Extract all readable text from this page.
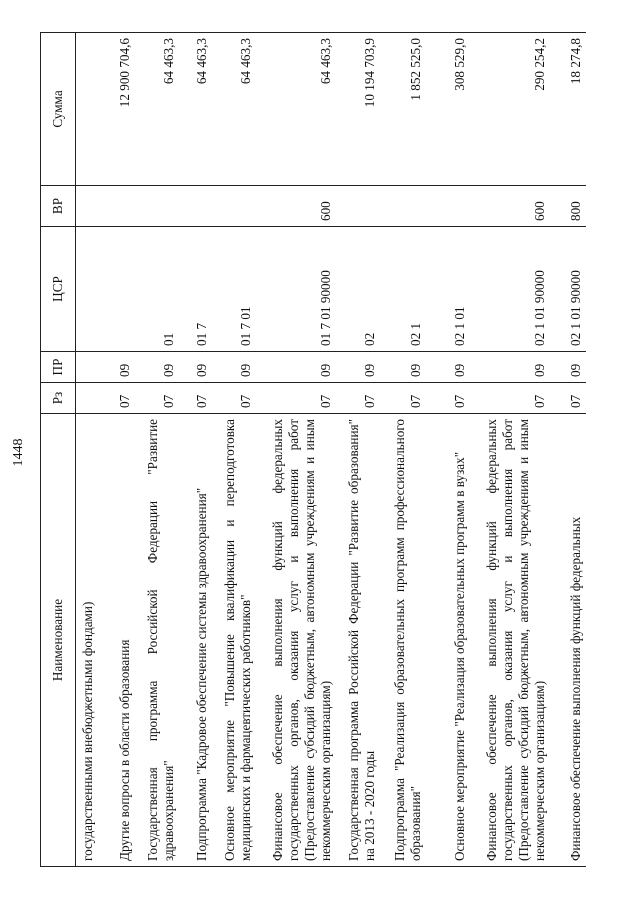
1448
Наименование	Рз	ПР	ЦСР	ВР	Сумма
государственными внебюджетными фондами)					
Другие вопросы в области образования	07	09			12 900 704,6
Государственная программа Российской Федерации "Развитие здравоохранения"	07	09	01		64 463,3
Подпрограмма "Кадровое обеспечение системы здравоохранения"	07	09	01 7		64 463,3
Основное мероприятие "Повышение квалификации и переподготовка медицинских и фармацевтических работников"	07	09	01 7 01		64 463,3
Финансовое обеспечение выполнения функций федеральных государственных органов, оказания услуг и выполнения работ (Предоставление субсидий бюджетным, автономным учреждениям и иным некоммерческим организациям)	07	09	01 7 01 90000	600	64 463,3
Государственная программа Российской Федерации "Развитие образования" на 2013 - 2020 годы	07	09	02		10 194 703,9
Подпрограмма "Реализация образовательных программ профессионального образования"	07	09	02 1		1 852 525,0
Основное мероприятие "Реализация образовательных программ в вузах"	07	09	02 1 01		308 529,0
Финансовое обеспечение выполнения функций федеральных государственных органов, оказания услуг и выполнения работ (Предоставление субсидий бюджетным, автономным учреждениям и иным некоммерческим организациям)	07	09	02 1 01 90000	600	290 254,2
Финансовое обеспечение выполнения функций федеральных	07	09	02 1 01 90000	800	18 274,8
